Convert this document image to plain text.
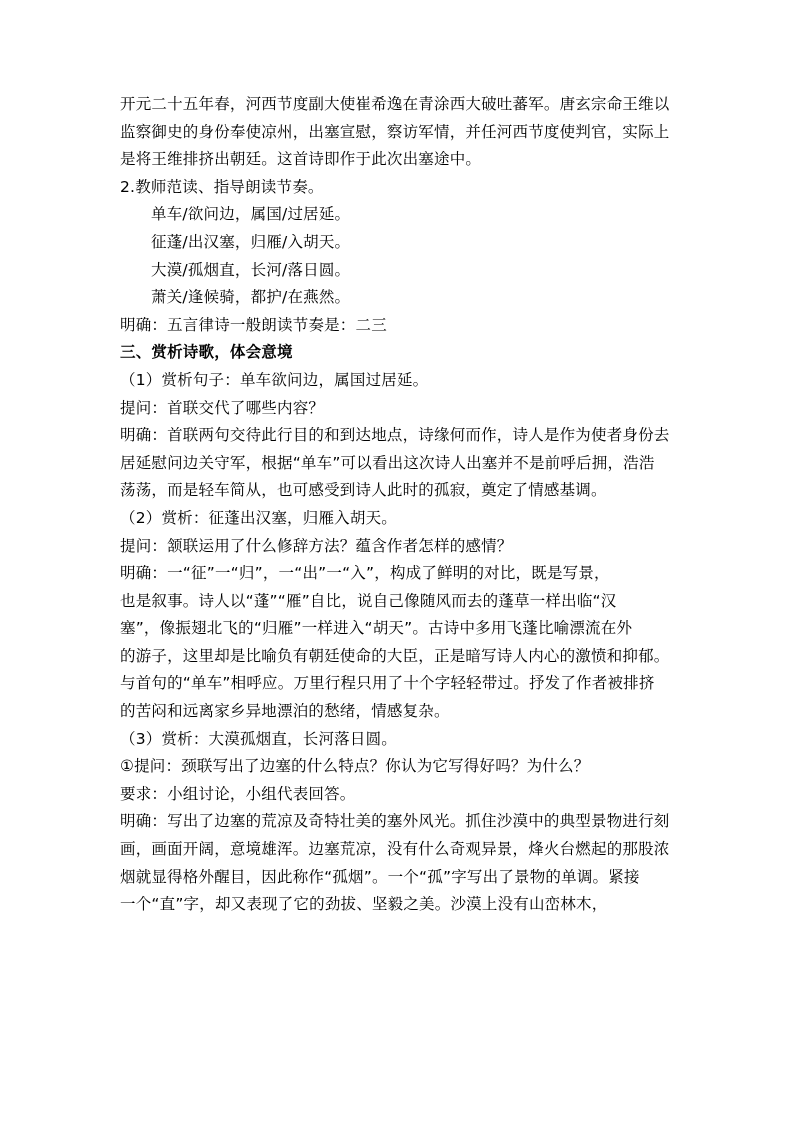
开元二十五年春，河西节度副大使崔希逸在青涂西大破吐蕃军。唐玄宗命王维以
监察御史的身份奉使凉州，出塞宣慰，察访军情，并任河西节度使判官，实际上
是将王维排挤出朝廷。这首诗即作于此次出塞途中。
2.教师范读、指导朗读节奏。
单车/欲问边，属国/过居延。
征蓬/出汉塞，归雁/入胡天。
大漠/孤烟直，长河/落日圆。
萧关/逢候骑，都护/在燕然。
明确：五言律诗一般朗读节奏是：二三
三、赏析诗歌，体会意境
（1）赏析句子：单车欲问边，属国过居延。
提问：首联交代了哪些内容？
明确：首联两句交待此行目的和到达地点，诗缘何而作，诗人是作为使者身份去
居延慰问边关守军，根据“单车”可以看出这次诗人出塞并不是前呼后拥，浩浩
荡荡，而是轻车简从，也可感受到诗人此时的孤寂，奠定了情感基调。
（2）赏析：征蓬出汉塞，归雁入胡天。
提问：颔联运用了什么修辞方法？蕴含作者怎样的感情？
明确：一“征”一“归”，一“出”一“入”，构成了鲜明的对比，既是写景，
也是叙事。诗人以“蓬”“雁”自比，说自己像随风而去的蓬草一样出临“汉
塞”，像振翅北飞的“归雁”一样进入“胡天”。古诗中多用飞蓬比喻漂流在外
的游子，这里却是比喻负有朝廷使命的大臣，正是暗写诗人内心的激愤和抑郁。
与首句的“单车”相呼应。万里行程只用了十个字轻轻带过。抒发了作者被排挤
的苦闷和远离家乡异地漂泊的愁绪，情感复杂。
（3）赏析：大漠孤烟直，长河落日圆。
①提问：颈联写出了边塞的什么特点？你认为它写得好吗？为什么？
要求：小组讨论，小组代表回答。
明确：写出了边塞的荒凉及奇特壮美的塞外风光。抓住沙漠中的典型景物进行刻
画，画面开阔，意境雄浑。边塞荒凉，没有什么奇观异景，烽火台燃起的那股浓
烟就显得格外醒目，因此称作“孤烟”。一个“孤”字写出了景物的单调。紧接
一个“直”字，却又表现了它的劲拔、坚毅之美。沙漠上没有山峦林木，
